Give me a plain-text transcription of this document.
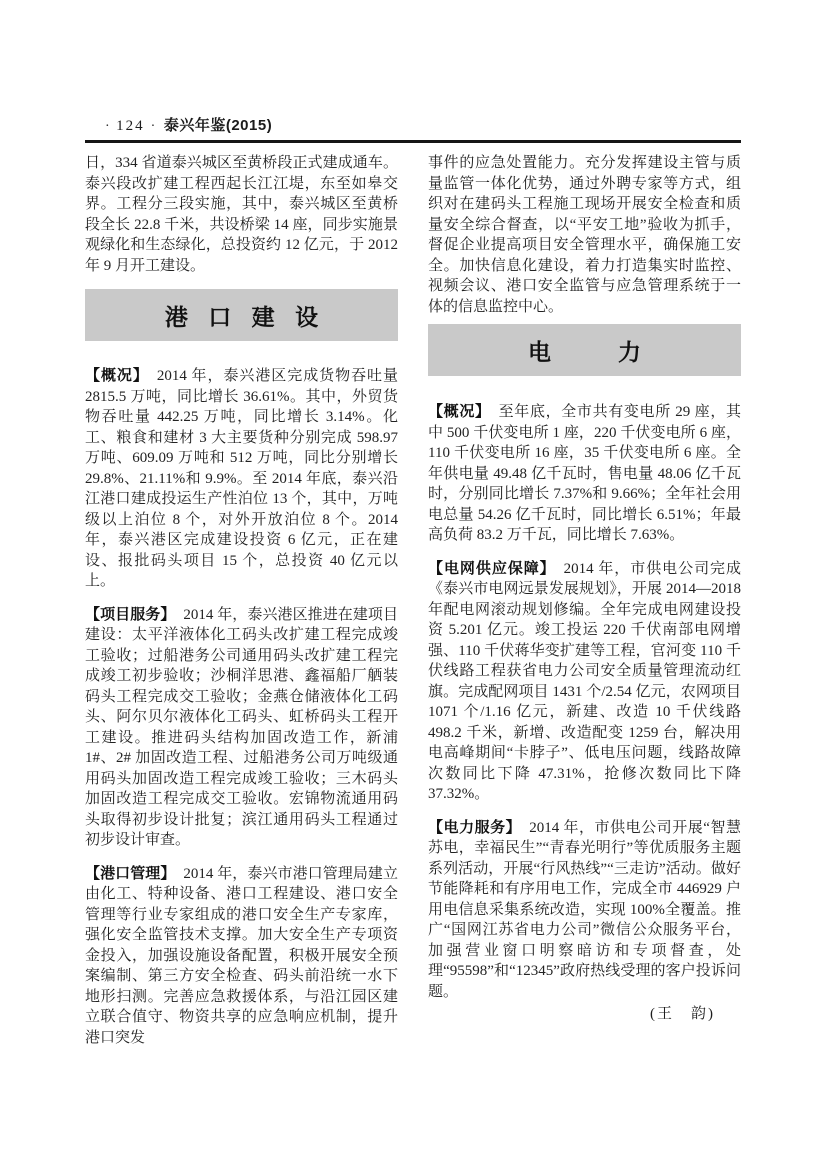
· 124 · 泰兴年鉴(2015)

日，334 省道泰兴城区至黄桥段正式建成通车。泰兴段改扩建工程西起长江江堤，东至如皋交界。工程分三段实施，其中，泰兴城区至黄桥段全长 22.8 千米，共设桥梁 14 座，同步实施景观绿化和生态绿化，总投资约 12 亿元，于 2012 年 9 月开工建设。

港 口 建 设

【概况】 2014 年，泰兴港区完成货物吞吐量 2815.5 万吨，同比增长 36.61%。其中，外贸货物吞吐量 442.25 万吨，同比增长 3.14%。化工、粮食和建材 3 大主要货种分别完成 598.97 万吨、609.09 万吨和 512 万吨，同比分别增长 29.8%、21.11%和 9.9%。至 2014 年底，泰兴沿江港口建成投运生产性泊位 13 个，其中，万吨级以上泊位 8 个，对外开放泊位 8 个。2014 年，泰兴港区完成建设投资 6 亿元，正在建设、报批码头项目 15 个，总投资 40 亿元以上。

【项目服务】 2014 年，泰兴港区推进在建项目建设：太平洋液体化工码头改扩建工程完成竣工验收；过船港务公司通用码头改扩建工程完成竣工初步验收；沙桐洋思港、鑫福船厂舾装码头工程完成交工验收；金燕仓储液体化工码头、阿尔贝尔液体化工码头、虹桥码头工程开工建设。推进码头结构加固改造工作，新浦 1#、2# 加固改造工程、过船港务公司万吨级通用码头加固改造工程完成竣工验收；三木码头加固改造工程完成交工验收。宏锦物流通用码头取得初步设计批复；滨江通用码头工程通过初步设计审查。

【港口管理】 2014 年，泰兴市港口管理局建立由化工、特种设备、港口工程建设、港口安全管理等行业专家组成的港口安全生产专家库，强化安全监管技术支撑。加大安全生产专项资金投入，加强设施设备配置，积极开展安全预案编制、第三方安全检查、码头前沿统一水下地形扫测。完善应急救援体系，与沿江园区建立联合值守、物资共享的应急响应机制，提升港口突发

事件的应急处置能力。充分发挥建设主管与质量监管一体化优势，通过外聘专家等方式，组织对在建码头工程施工现场开展安全检查和质量安全综合督查，以“平安工地”验收为抓手，督促企业提高项目安全管理水平，确保施工安全。加快信息化建设，着力打造集实时监控、视频会议、港口安全监管与应急管理系统于一体的信息监控中心。

电　　力

【概况】 至年底，全市共有变电所 29 座，其中 500 千伏变电所 1 座，220 千伏变电所 6 座，110 千伏变电所 16 座，35 千伏变电所 6 座。全年供电量 49.48 亿千瓦时，售电量 48.06 亿千瓦时，分别同比增长 7.37%和 9.66%；全年社会用电总量 54.26 亿千瓦时，同比增长 6.51%；年最高负荷 83.2 万千瓦，同比增长 7.63%。

【电网供应保障】 2014 年，市供电公司完成《泰兴市电网远景发展规划》，开展 2014—2018 年配电网滚动规划修编。全年完成电网建设投资 5.201 亿元。竣工投运 220 千伏南部电网增强、110 千伏蒋华变扩建等工程，官河变 110 千伏线路工程获省电力公司安全质量管理流动红旗。完成配网项目 1431 个/2.54 亿元，农网项目 1071 个/1.16 亿元，新建、改造 10 千伏线路 498.2 千米，新增、改造配变 1259 台，解决用电高峰期间“卡脖子”、低电压问题，线路故障次数同比下降 47.31%，抢修次数同比下降 37.32%。

【电力服务】 2014 年，市供电公司开展“智慧苏电，幸福民生”“青春光明行”等优质服务主题系列活动，开展“行风热线”“三走访”活动。做好节能降耗和有序用电工作，完成全市 446929 户用电信息采集系统改造，实现 100%全覆盖。推广“国网江苏省电力公司”微信公众服务平台，加强营业窗口明察暗访和专项督查，处理“95598”和“12345”政府热线受理的客户投诉问题。

(王　韵)
